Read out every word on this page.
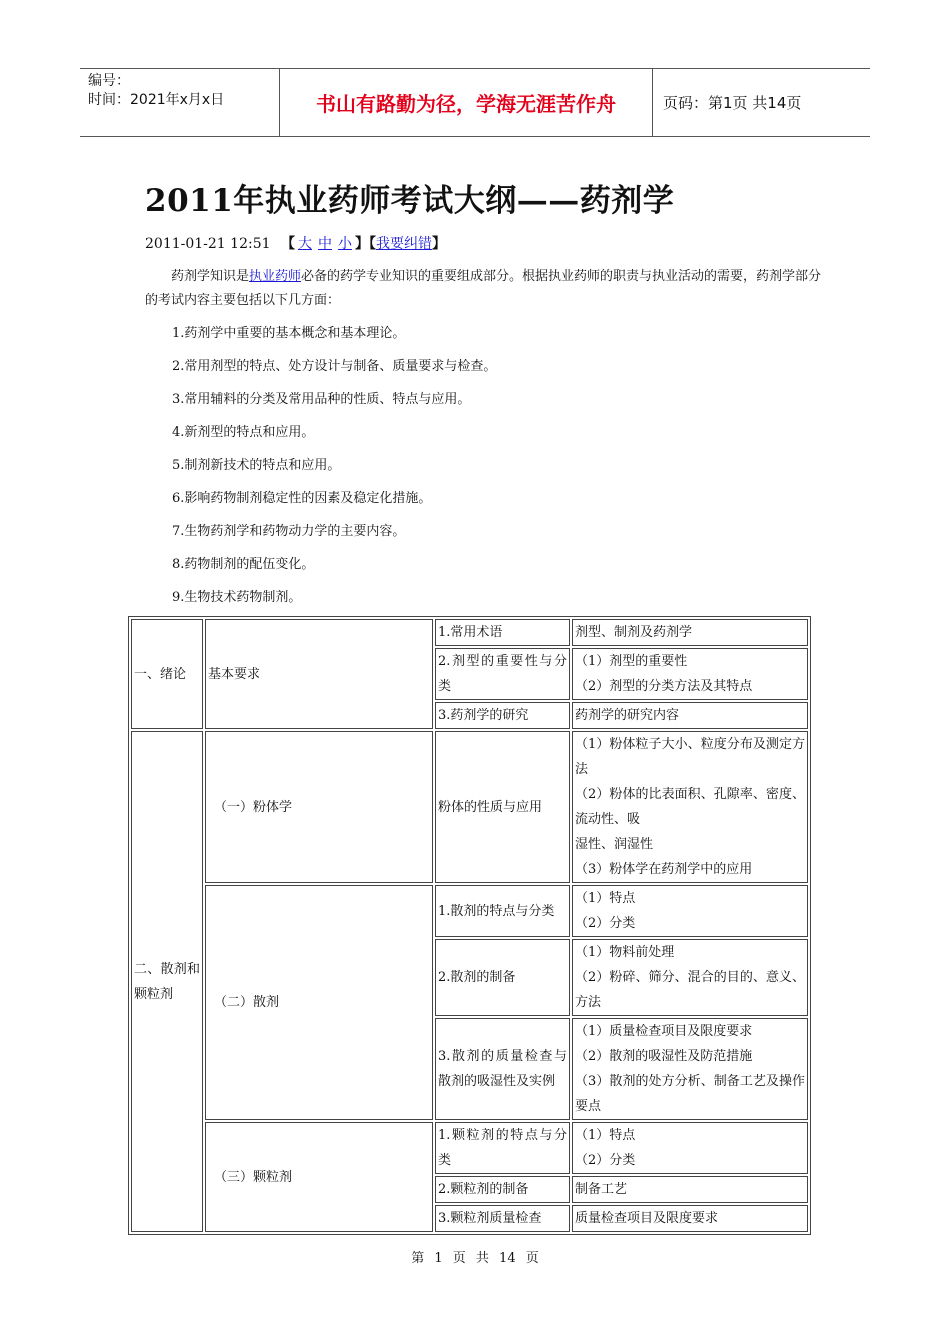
编号：
时间：2021年x月x日	书山有路勤为径，学海无涯苦作舟	页码：第1页 共14页
2011年执业药师考试大纲——药剂学
2011-01-21 12:51 【 大 中 小 】【我要纠错】
药剂学知识是执业药师必备的药学专业知识的重要组成部分。根据执业药师的职责与执业活动的需要，药剂学部分的考试内容主要包括以下几方面：
1.药剂学中重要的基本概念和基本理论。
2.常用剂型的特点、处方设计与制备、质量要求与检查。
3.常用辅料的分类及常用品种的性质、特点与应用。
4.新剂型的特点和应用。
5.制剂新技术的特点和应用。
6.影响药物制剂稳定性的因素及稳定化措施。
7.生物药剂学和药物动力学的主要内容。
8.药物制剂的配伍变化。
9.生物技术药物制剂。
一、绪论	基本要求	1.常用术语	剂型、制剂及药剂学
		2.剂型的重要性与分类	（1）剂型的重要性
（2）剂型的分类方法及其特点

		3.药剂学的研究	药剂学的研究内容
二、散剂和颗粒剂	（一）粉体学	粉体的性质与应用	（1）粉体粒子大小、粒度分布及测定方法
（2）粉体的比表面积、孔隙率、密度、流动性、吸
湿性、润湿性
（3）粉体学在药剂学中的应用

	（二）散剂	1.散剂的特点与分类	（1）特点
（2）分类

		2.散剂的制备	（1）物料前处理
（2）粉碎、筛分、混合的目的、意义、方法

		3.散剂的质量检查与散剂的吸湿性及实例	（1）质量检查项目及限度要求
（2）散剂的吸湿性及防范措施
（3）散剂的处方分析、制备工艺及操作要点

	（三）颗粒剂	1.颗粒剂的特点与分类	（1）特点
（2）分类

		2.颗粒剂的制备	制备工艺
		3.颗粒剂质量检查	质量检查项目及限度要求
第 1 页 共 14 页
